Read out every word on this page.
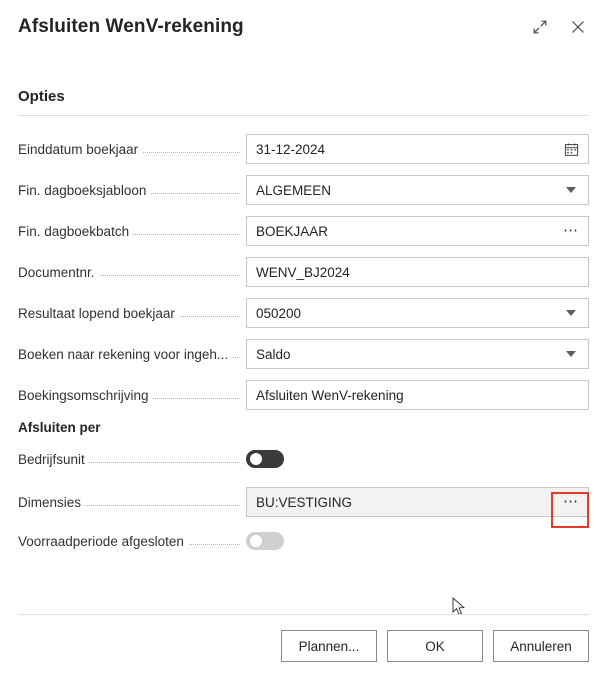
Afsluiten WenV-rekening
Opties
Einddatum boekjaar	31-12-2024
Fin. dagboeksjabloon	ALGEMEEN
Fin. dagboekbatch	BOEKJAAR	⋯
Documentnr.	WENV_BJ2024
Resultaat lopend boekjaar	050200
Boeken naar rekening voor ingeh...	Saldo
Boekingsomschrijving	Afsluiten WenV-rekening
Afsluiten per
Bedrijfsunit
Dimensies	BU:VESTIGING	⋯
Voorraadperiode afgesloten
Plannen...	OK	Annuleren
